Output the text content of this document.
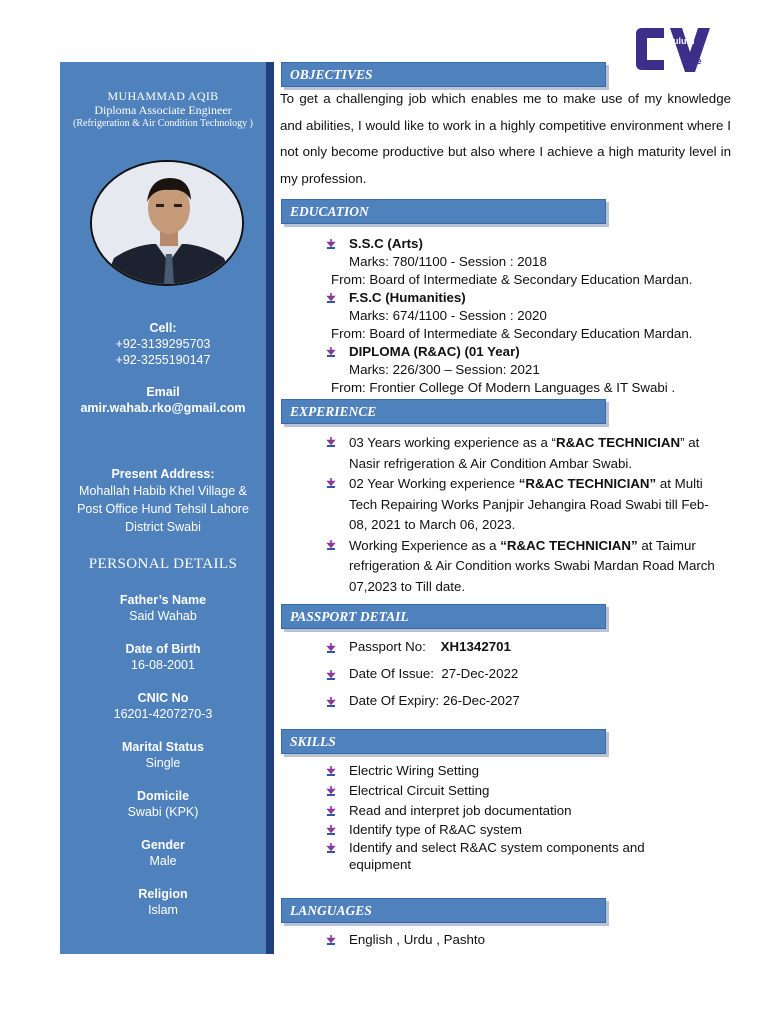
MUHAMMAD AQIB
Diploma Associate Engineer
(Refrigeration & Air Condition Technology )
Cell:
+92-3139295703
+92-3255190147
Email
amir.wahab.rko@gmail.com
Present Address:
Mohallah Habib Khel Village & Post Office Hund Tehsil Lahore District Swabi
PERSONAL DETAILS
Father’s Name
Said Wahab
Date of Birth
16-08-2001
CNIC No
16201-4207270-3
Marital Status
Single
Domicile
Swabi (KPK)
Gender
Male
Religion
Islam
urriculum
itae
OBJECTIVES
To get a challenging job which enables me to make use of my knowledge and abilities, I would like to work in a highly competitive environment where I not only become productive but also where I achieve a high maturity level in my profession.
EDUCATION
S.S.C (Arts)
Marks: 780/1100 - Session : 2018
From: Board of Intermediate & Secondary Education Mardan.
F.S.C (Humanities)
Marks: 674/1100 - Session : 2020
From: Board of Intermediate & Secondary Education Mardan.
DIPLOMA (R&AC) (01 Year)
Marks: 226/300 – Session: 2021
From: Frontier College Of Modern Languages & IT Swabi .
EXPERIENCE
03 Years working experience as a “R&AC TECHNICIAN” at Nasir refrigeration & Air Condition Ambar Swabi.
02 Year Working experience “R&AC TECHNICIAN” at Multi Tech Repairing Works Panjpir Jehangira Road Swabi till Feb-08, 2021 to March 06, 2023.
Working Experience as a “R&AC TECHNICIAN” at Taimur refrigeration & Air Condition works Swabi Mardan Road March 07,2023 to Till date.
PASSPORT DETAIL
Passport No: XH1342701
Date Of Issue: 27-Dec-2022
Date Of Expiry: 26-Dec-2027
SKILLS
Electric Wiring Setting
Electrical Circuit Setting
Read and interpret job documentation
Identify type of R&AC system
Identify and select R&AC system components and equipment
LANGUAGES
English , Urdu , Pashto
